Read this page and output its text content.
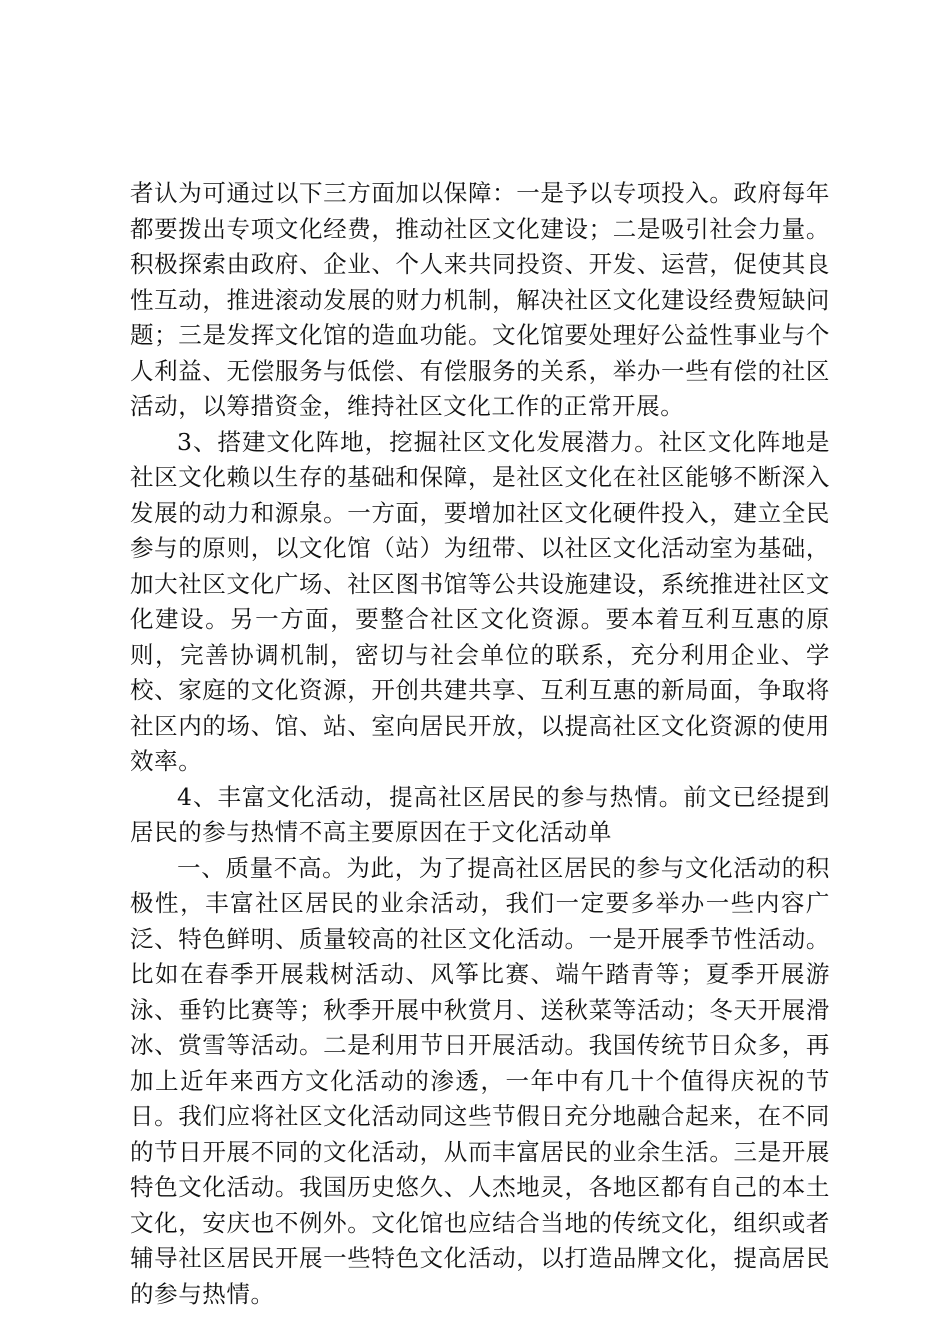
者认为可通过以下三方面加以保障：一是予以专项投入。政府每年都要拨出专项文化经费，推动社区文化建设；二是吸引社会力量。积极探索由政府、企业、个人来共同投资、开发、运营，促使其良性互动，推进滚动发展的财力机制，解决社区文化建设经费短缺问题；三是发挥文化馆的造血功能。文化馆要处理好公益性事业与个人利益、无偿服务与低偿、有偿服务的关系，举办一些有偿的社区活动，以筹措资金，维持社区文化工作的正常开展。

3、搭建文化阵地，挖掘社区文化发展潜力。社区文化阵地是社区文化赖以生存的基础和保障，是社区文化在社区能够不断深入发展的动力和源泉。一方面，要增加社区文化硬件投入，建立全民参与的原则，以文化馆（站）为纽带、以社区文化活动室为基础，加大社区文化广场、社区图书馆等公共设施建设，系统推进社区文化建设。另一方面，要整合社区文化资源。要本着互利互惠的原则，完善协调机制，密切与社会单位的联系，充分利用企业、学校、家庭的文化资源，开创共建共享、互利互惠的新局面，争取将社区内的场、馆、站、室向居民开放，以提高社区文化资源的使用效率。

4、丰富文化活动，提高社区居民的参与热情。前文已经提到居民的参与热情不高主要原因在于文化活动单

一、质量不高。为此，为了提高社区居民的参与文化活动的积极性，丰富社区居民的业余活动，我们一定要多举办一些内容广泛、特色鲜明、质量较高的社区文化活动。一是开展季节性活动。比如在春季开展栽树活动、风筝比赛、端午踏青等；夏季开展游泳、垂钓比赛等；秋季开展中秋赏月、送秋菜等活动；冬天开展滑冰、赏雪等活动。二是利用节日开展活动。我国传统节日众多，再加上近年来西方文化活动的渗透，一年中有几十个值得庆祝的节日。我们应将社区文化活动同这些节假日充分地融合起来，在不同的节日开展不同的文化活动，从而丰富居民的业余生活。三是开展特色文化活动。我国历史悠久、人杰地灵，各地区都有自己的本土文化，安庆也不例外。文化馆也应结合当地的传统文化，组织或者辅导社区居民开展一些特色文化活动，以打造品牌文化，提高居民的参与热情。
